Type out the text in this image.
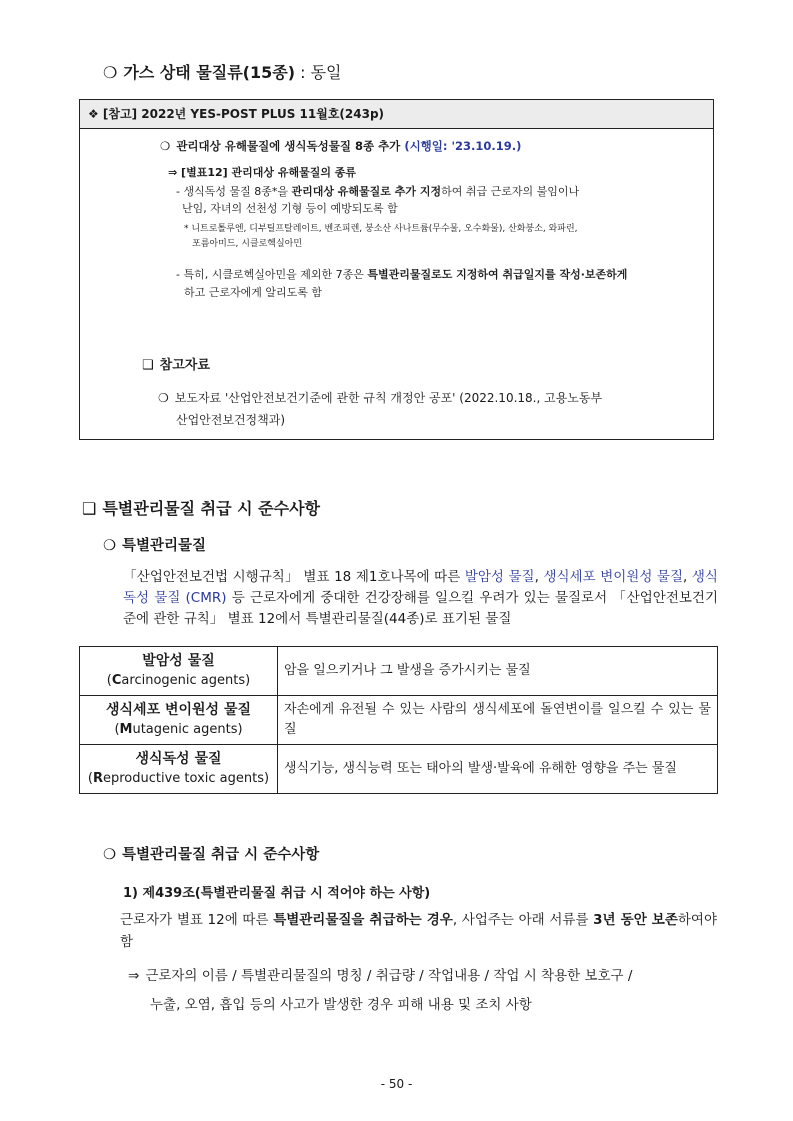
❍ 가스 상태 물질류(15종) : 동일
❖ [참고] 2022년 YES-POST PLUS 11월호(243p)
❍ 관리대상 유해물질에 생식독성물질 8종 추가 (시행일: '23.10.19.)
⇒ [별표12] 관리대상 유해물질의 종류
- 생식독성 물질 8종*을 관리대상 유해물질로 추가 지정하여 취급 근로자의 불임이나
난임, 자녀의 선천성 기형 등이 예방되도록 함
* 니트로톨루엔, 디부틸프탈레이트, 벤조피렌, 붕소산 사나트륨(무수물, 오수화물), 산화붕소, 와파린,
포름아미드, 시클로헥실아민
- 특히, 시클로헥실아민을 제외한 7종은 특별관리물질로도 지정하여 취급일지를 작성·보존하게
하고 근로자에게 알리도록 함
❑ 참고자료
❍ 보도자료 '산업안전보건기준에 관한 규칙 개정안 공포' (2022.10.18., 고용노동부
산업안전보건정책과)
❑ 특별관리물질 취급 시 준수사항
❍ 특별관리물질
「산업안전보건법 시행규칙」 별표 18 제1호나목에 따른 발암성 물질, 생식세포 변이원성 물질, 생식독성 물질 (CMR) 등 근로자에게 중대한 건강장해를 일으킬 우려가 있는 물질로서 「산업안전보건기준에 관한 규칙」 별표 12에서 특별관리물질(44종)로 표기된 물질
발암성 물질
(Carcinogenic agents)	암을 일으키거나 그 발생을 증가시키는 물질

생식세포 변이원성 물질
(Mutagenic agents)	자손에게 유전될 수 있는 사람의 생식세포에 돌연변이를 일으킬 수 있는 물질

생식독성 물질
(Reproductive toxic agents)	생식기능, 생식능력 또는 태아의 발생·발육에 유해한 영향을 주는 물질
❍ 특별관리물질 취급 시 준수사항
1) 제439조(특별관리물질 취급 시 적어야 하는 사항)
근로자가 별표 12에 따른 특별관리물질을 취급하는 경우, 사업주는 아래 서류를 3년 동안 보존하여야 함
⇒ 근로자의 이름 / 특별관리물질의 명칭 / 취급량 / 작업내용 / 작업 시 착용한 보호구 /
누출, 오염, 흡입 등의 사고가 발생한 경우 피해 내용 및 조치 사항
- 50 -
